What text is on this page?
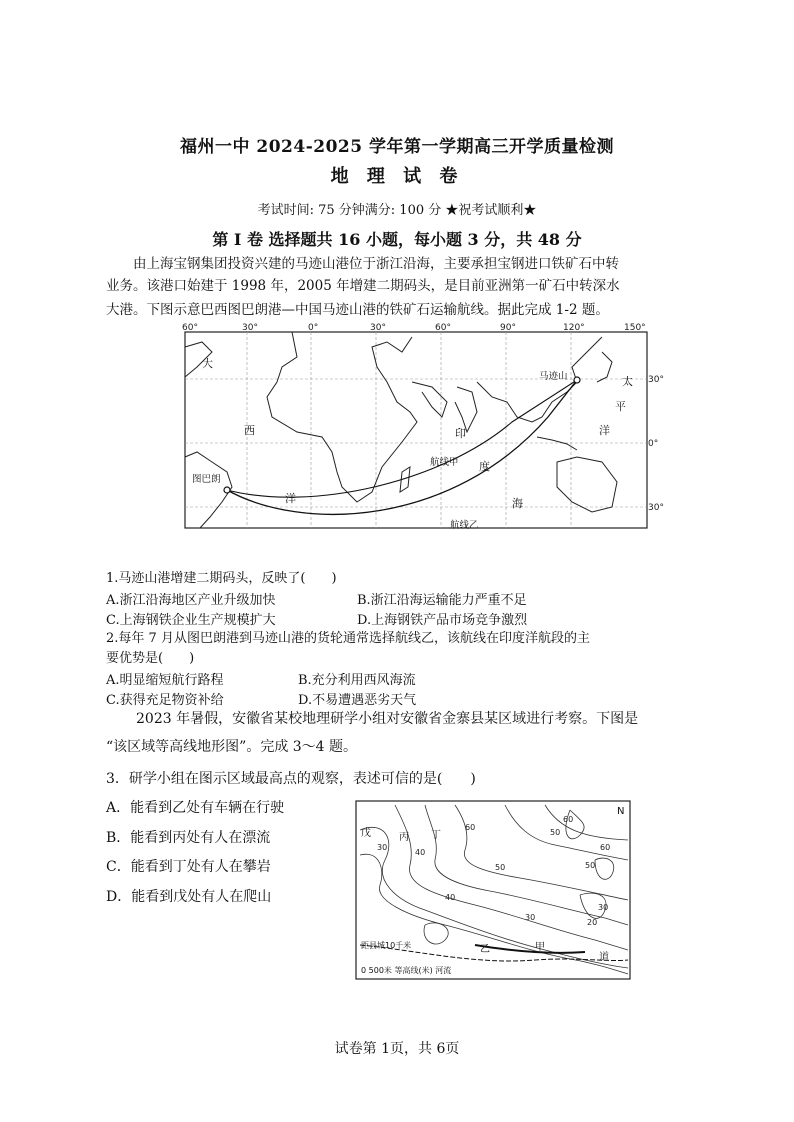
福州一中 2024-2025 学年第一学期高三开学质量检测
地 理 试 卷
考试时间: 75 分钟满分: 100 分 ★祝考试顺利★
第 I 卷 选择题共 16 小题，每小题 3 分，共 48 分
由上海宝钢集团投资兴建的马迹山港位于浙江沿海，主要承担宝钢进口铁矿石中转
业务。该港口始建于 1998 年，2005 年增建二期码头，是目前亚洲第一矿石中转深水
大港。下图示意巴西图巴朗港—中国马迹山港的铁矿石运输航线。据此完成 1-2 题。
60°	30°	0°	30°	60°	90°	120°	150°
30°
0°
30°
大
西
洋
印
度
海
平
洋
太
航线甲
航线乙
图巴朗
马迹山
1.马迹山港增建二期码头，反映了(　　)
A.浙江沿海地区产业升级加快	B.浙江沿海运输能力严重不足
C.上海钢铁企业生产规模扩大	D.上海钢铁产品市场竞争激烈
2.每年 7 月从图巴朗港到马迹山港的货轮通常选择航线乙，该航线在印度洋航段的主
要优势是(　　)
A.明显缩短航行路程	B.充分利用西风海流
C.获得充足物资补给	D.不易遭遇恶劣天气
2023 年暑假，安徽省某校地理研学小组对安徽省金寨县某区域进行考察。下图是
“该区域等高线地形图”。完成 3～4 题。
3．研学小组在图示区域最高点的观察，表述可信的是(　　)
A．能看到乙处有车辆在行驶
B．能看到丙处有人在漂流
C．能看到丁处有人在攀岩
D．能看到戊处有人在爬山
60
50
60
50
30
20
30
40
60
50
40
30
N
戊	丙 丁
乙	甲
道
距县城10千米
0 500米 等高线(米) 河流
试卷第 1页，共 6页
